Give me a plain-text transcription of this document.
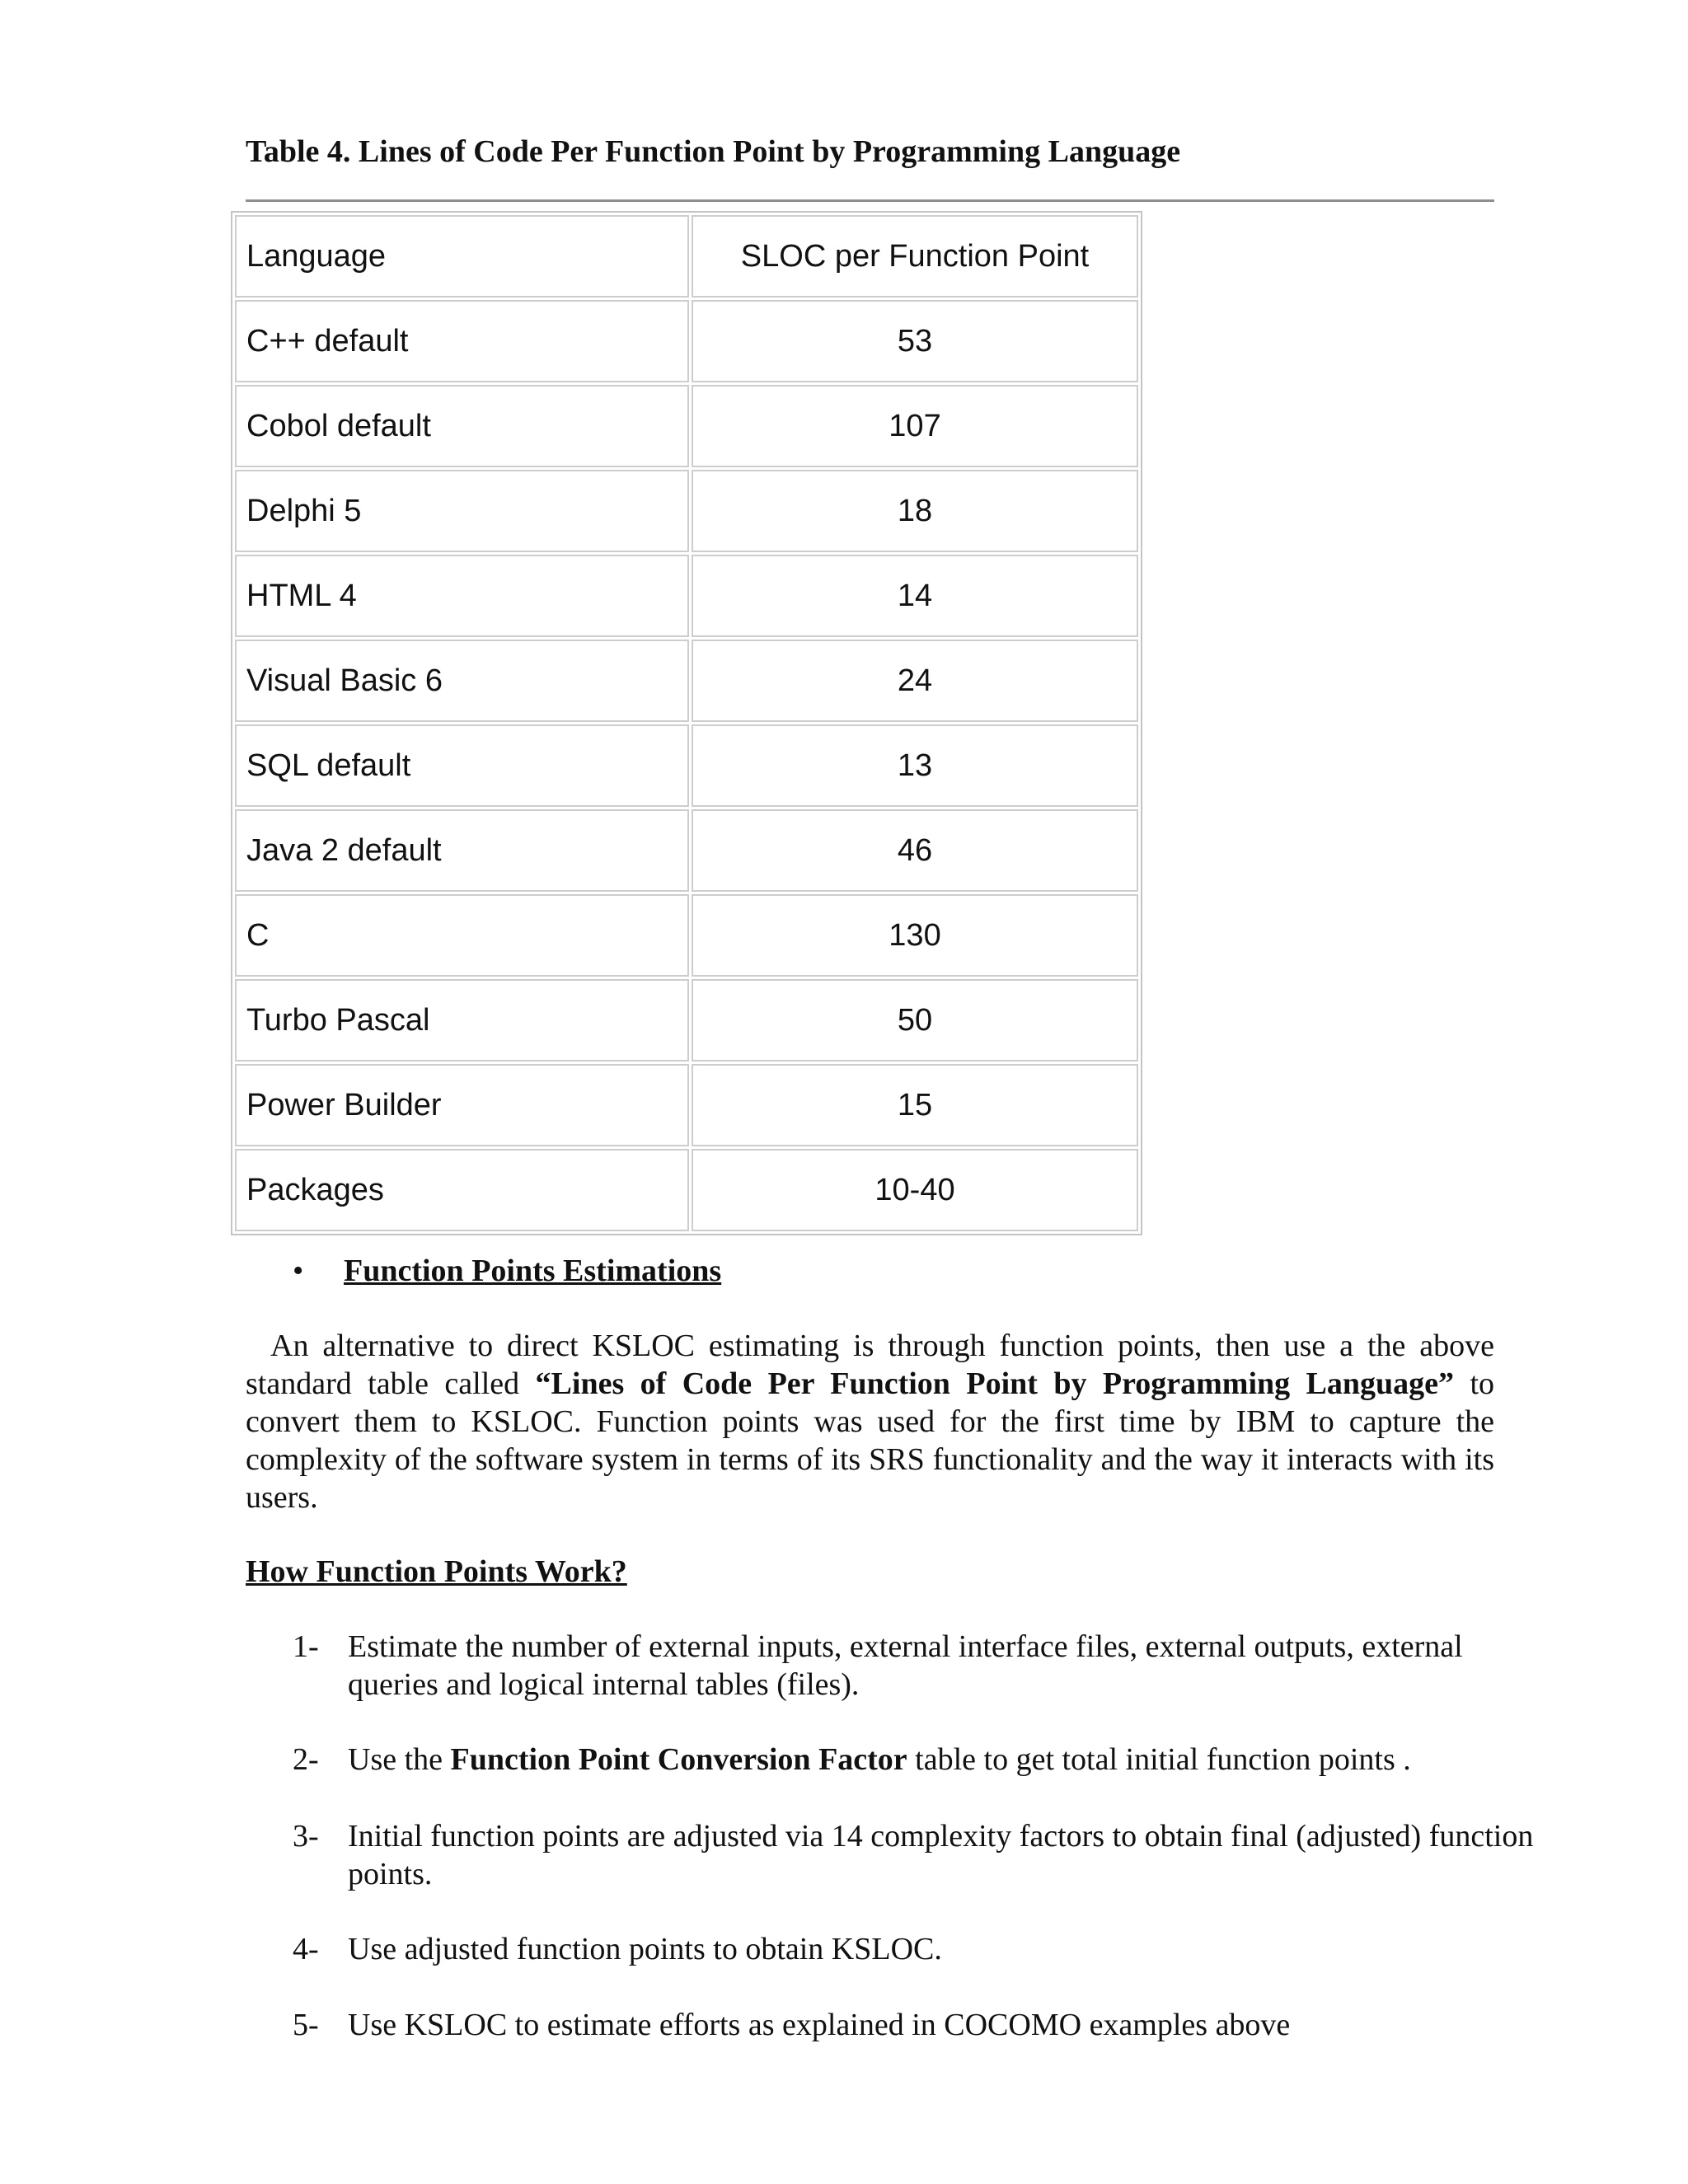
Table 4. Lines of Code Per Function Point by Programming Language
Language	SLOC per Function Point
C++ default	53
Cobol default	107
Delphi 5	18
HTML 4	14
Visual Basic 6	24
SQL default	13
Java 2 default	46
C	130
Turbo Pascal	50
Power Builder	15
Packages	10-40
• Function Points Estimations
An alternative to direct KSLOC estimating is through function points, then use a the above standard table called “Lines of Code Per Function Point by Programming Language” to convert them to KSLOC. Function points was used for the first time by IBM to capture the complexity of the software system in terms of its SRS functionality and the way it interacts with its users.
How Function Points Work?
1- Estimate the number of external inputs, external interface files, external outputs, external queries and logical internal tables (files).
2- Use the Function Point Conversion Factor table to get total initial function points .
3- Initial function points are adjusted via 14 complexity factors to obtain final (adjusted) function points.
4- Use adjusted function points to obtain KSLOC.
5- Use KSLOC to estimate efforts as explained in COCOMO examples above
